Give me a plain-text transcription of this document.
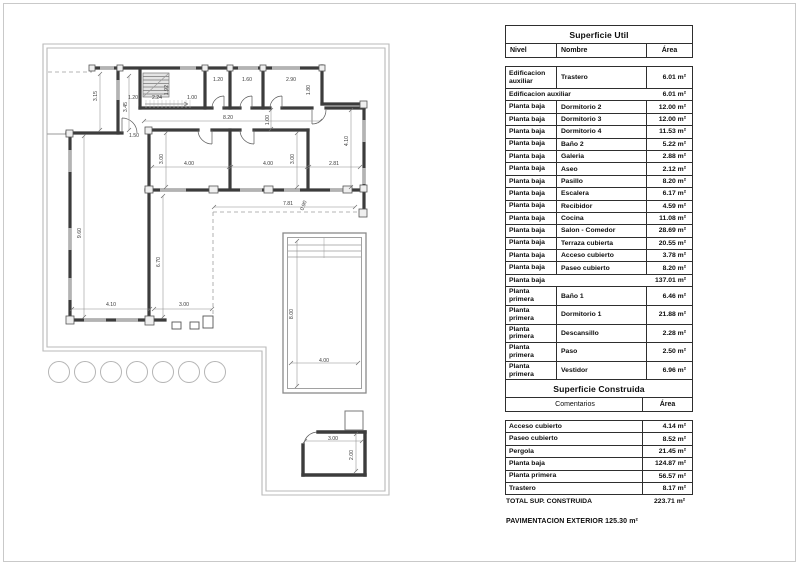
3.15	1.20
3.45
2.24
1.92
1.00
1.20	1.60	2.90
1.80
8.20	1.00
1.50
3.00	4.00	4.00	3.00	2.81
4.10
9.60
6.70
4.10	3.00
7.81 0.90
8.00
4.00
3.00
2.00
Superficie Util
Nivel	Nombre	Área
Edificacion auxiliar	Trastero	6.01 m²
Edificacion auxiliar	6.01 m²
Planta baja	Dormitorio 2	12.00 m²
Planta baja	Dormitorio 3	12.00 m²
Planta baja	Dormitorio 4	11.53 m²
Planta baja	Baño 2	5.22 m²
Planta baja	Galeria	2.88 m²
Planta baja	Aseo	2.12 m²
Planta baja	Pasillo	8.20 m²
Planta baja	Escalera	6.17 m²
Planta baja	Recibidor	4.59 m²
Planta baja	Cocina	11.08 m²
Planta baja	Salon - Comedor	28.69 m²
Planta baja	Terraza cubierta	20.55 m²
Planta baja	Acceso cubierto	3.78 m²
Planta baja	Paseo cubierto	8.20 m²
Planta baja	137.01 m²
Planta primera	Baño 1	6.46 m²
Planta primera	Dormitorio 1	21.88 m²
Planta primera	Descansillo	2.28 m²
Planta primera	Paso	2.50 m²
Planta primera	Vestidor	6.96 m²
Superficie Construida
Comentarios	Área
Acceso cubierto	4.14 m²
Paseo cubierto	8.52 m²
Pergola	21.45 m²
Planta baja	124.87 m²
Planta primera	56.57 m²
Trastero	8.17 m²
TOTAL SUP. CONSTRUIDA	223.71 m²
PAVIMENTACION EXTERIOR 125.30 m²
